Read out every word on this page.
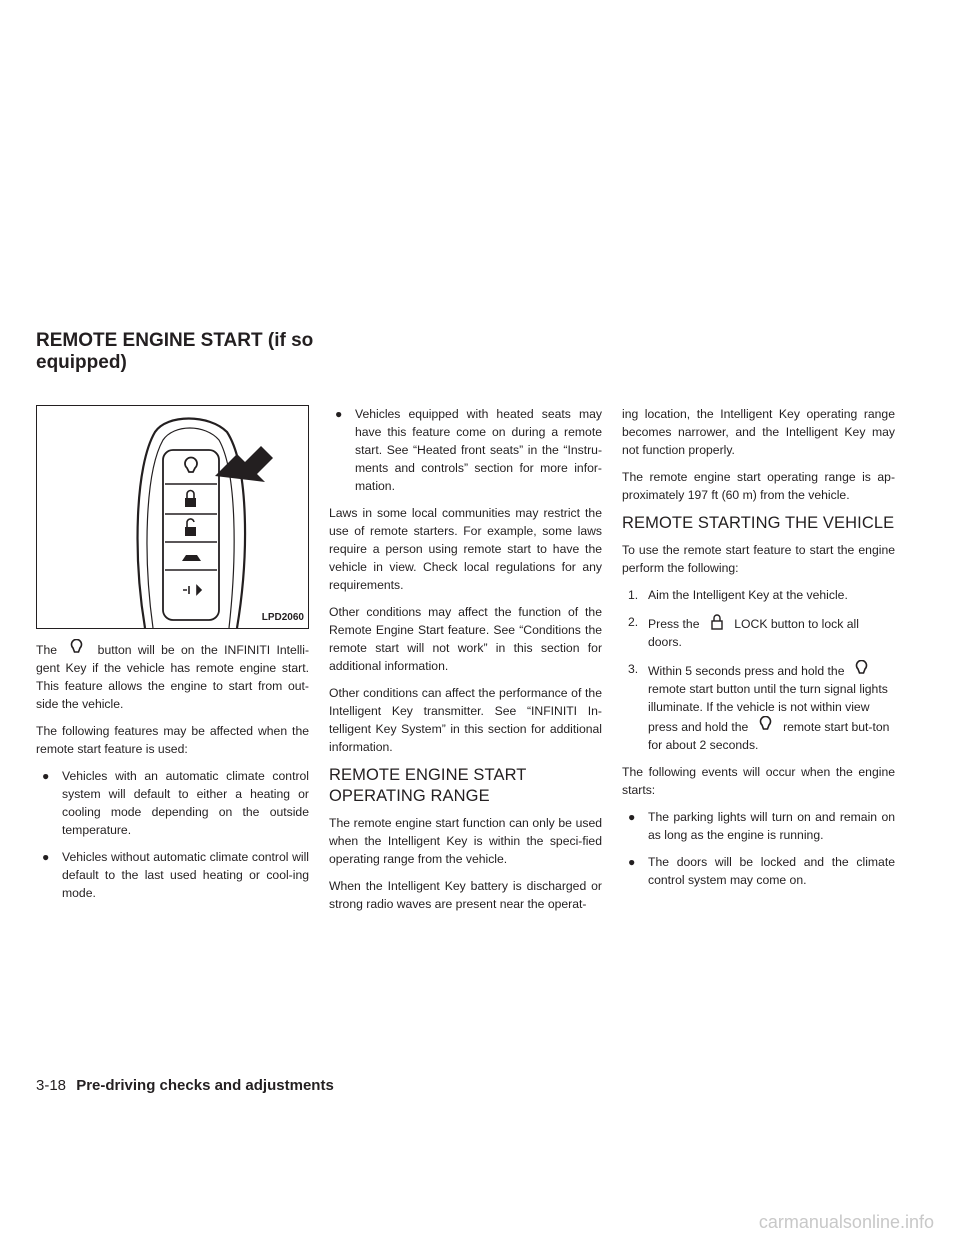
REMOTE ENGINE START (if so equipped)
LPD2060

The	button will be on the INFINITI Intelli-gent Key if the vehicle has remote engine start. This feature allows the engine to start from out-side the vehicle.

The following features may be affected when the remote start feature is used:

● Vehicles with an automatic climate control system will default to either a heating or cooling mode depending on the outside temperature.
● Vehicles without automatic climate control will default to the last used heating or cool-ing mode.
● Vehicles equipped with heated seats may have this feature come on during a remote start. See “Heated front seats” in the “Instru-ments and controls” section for more infor-mation.

Laws in some local communities may restrict the use of remote starters. For example, some laws require a person using remote start to have the vehicle in view. Check local regulations for any requirements.

Other conditions may affect the function of the Remote Engine Start feature. See “Conditions the remote start will not work” in this section for additional information.

Other conditions can affect the performance of the Intelligent Key transmitter. See “INFINITI In-telligent Key System” in this section for additional information.

REMOTE ENGINE START OPERATING RANGE

The remote engine start function can only be used when the Intelligent Key is within the speci-fied operating range from the vehicle.

When the Intelligent Key battery is discharged or strong radio waves are present near the operat-

ing location, the Intelligent Key operating range becomes narrower, and the Intelligent Key may not function properly.

The remote engine start operating range is ap-proximately 197 ft (60 m) from the vehicle.

REMOTE STARTING THE VEHICLE

To use the remote start feature to start the engine perform the following:

1. Aim the Intelligent Key at the vehicle.
2. Press the	LOCK button to lock all doors.
3. Within 5 seconds press and hold the  remote start button until the turn signal lights illuminate. If the vehicle is not within view press and hold the	remote start but-ton for about 2 seconds.

The following events will occur when the engine starts:

● The parking lights will turn on and remain on as long as the engine is running.
● The doors will be locked and the climate control system may come on.
3-18 Pre-driving checks and adjustments
carmanualsonline.info
